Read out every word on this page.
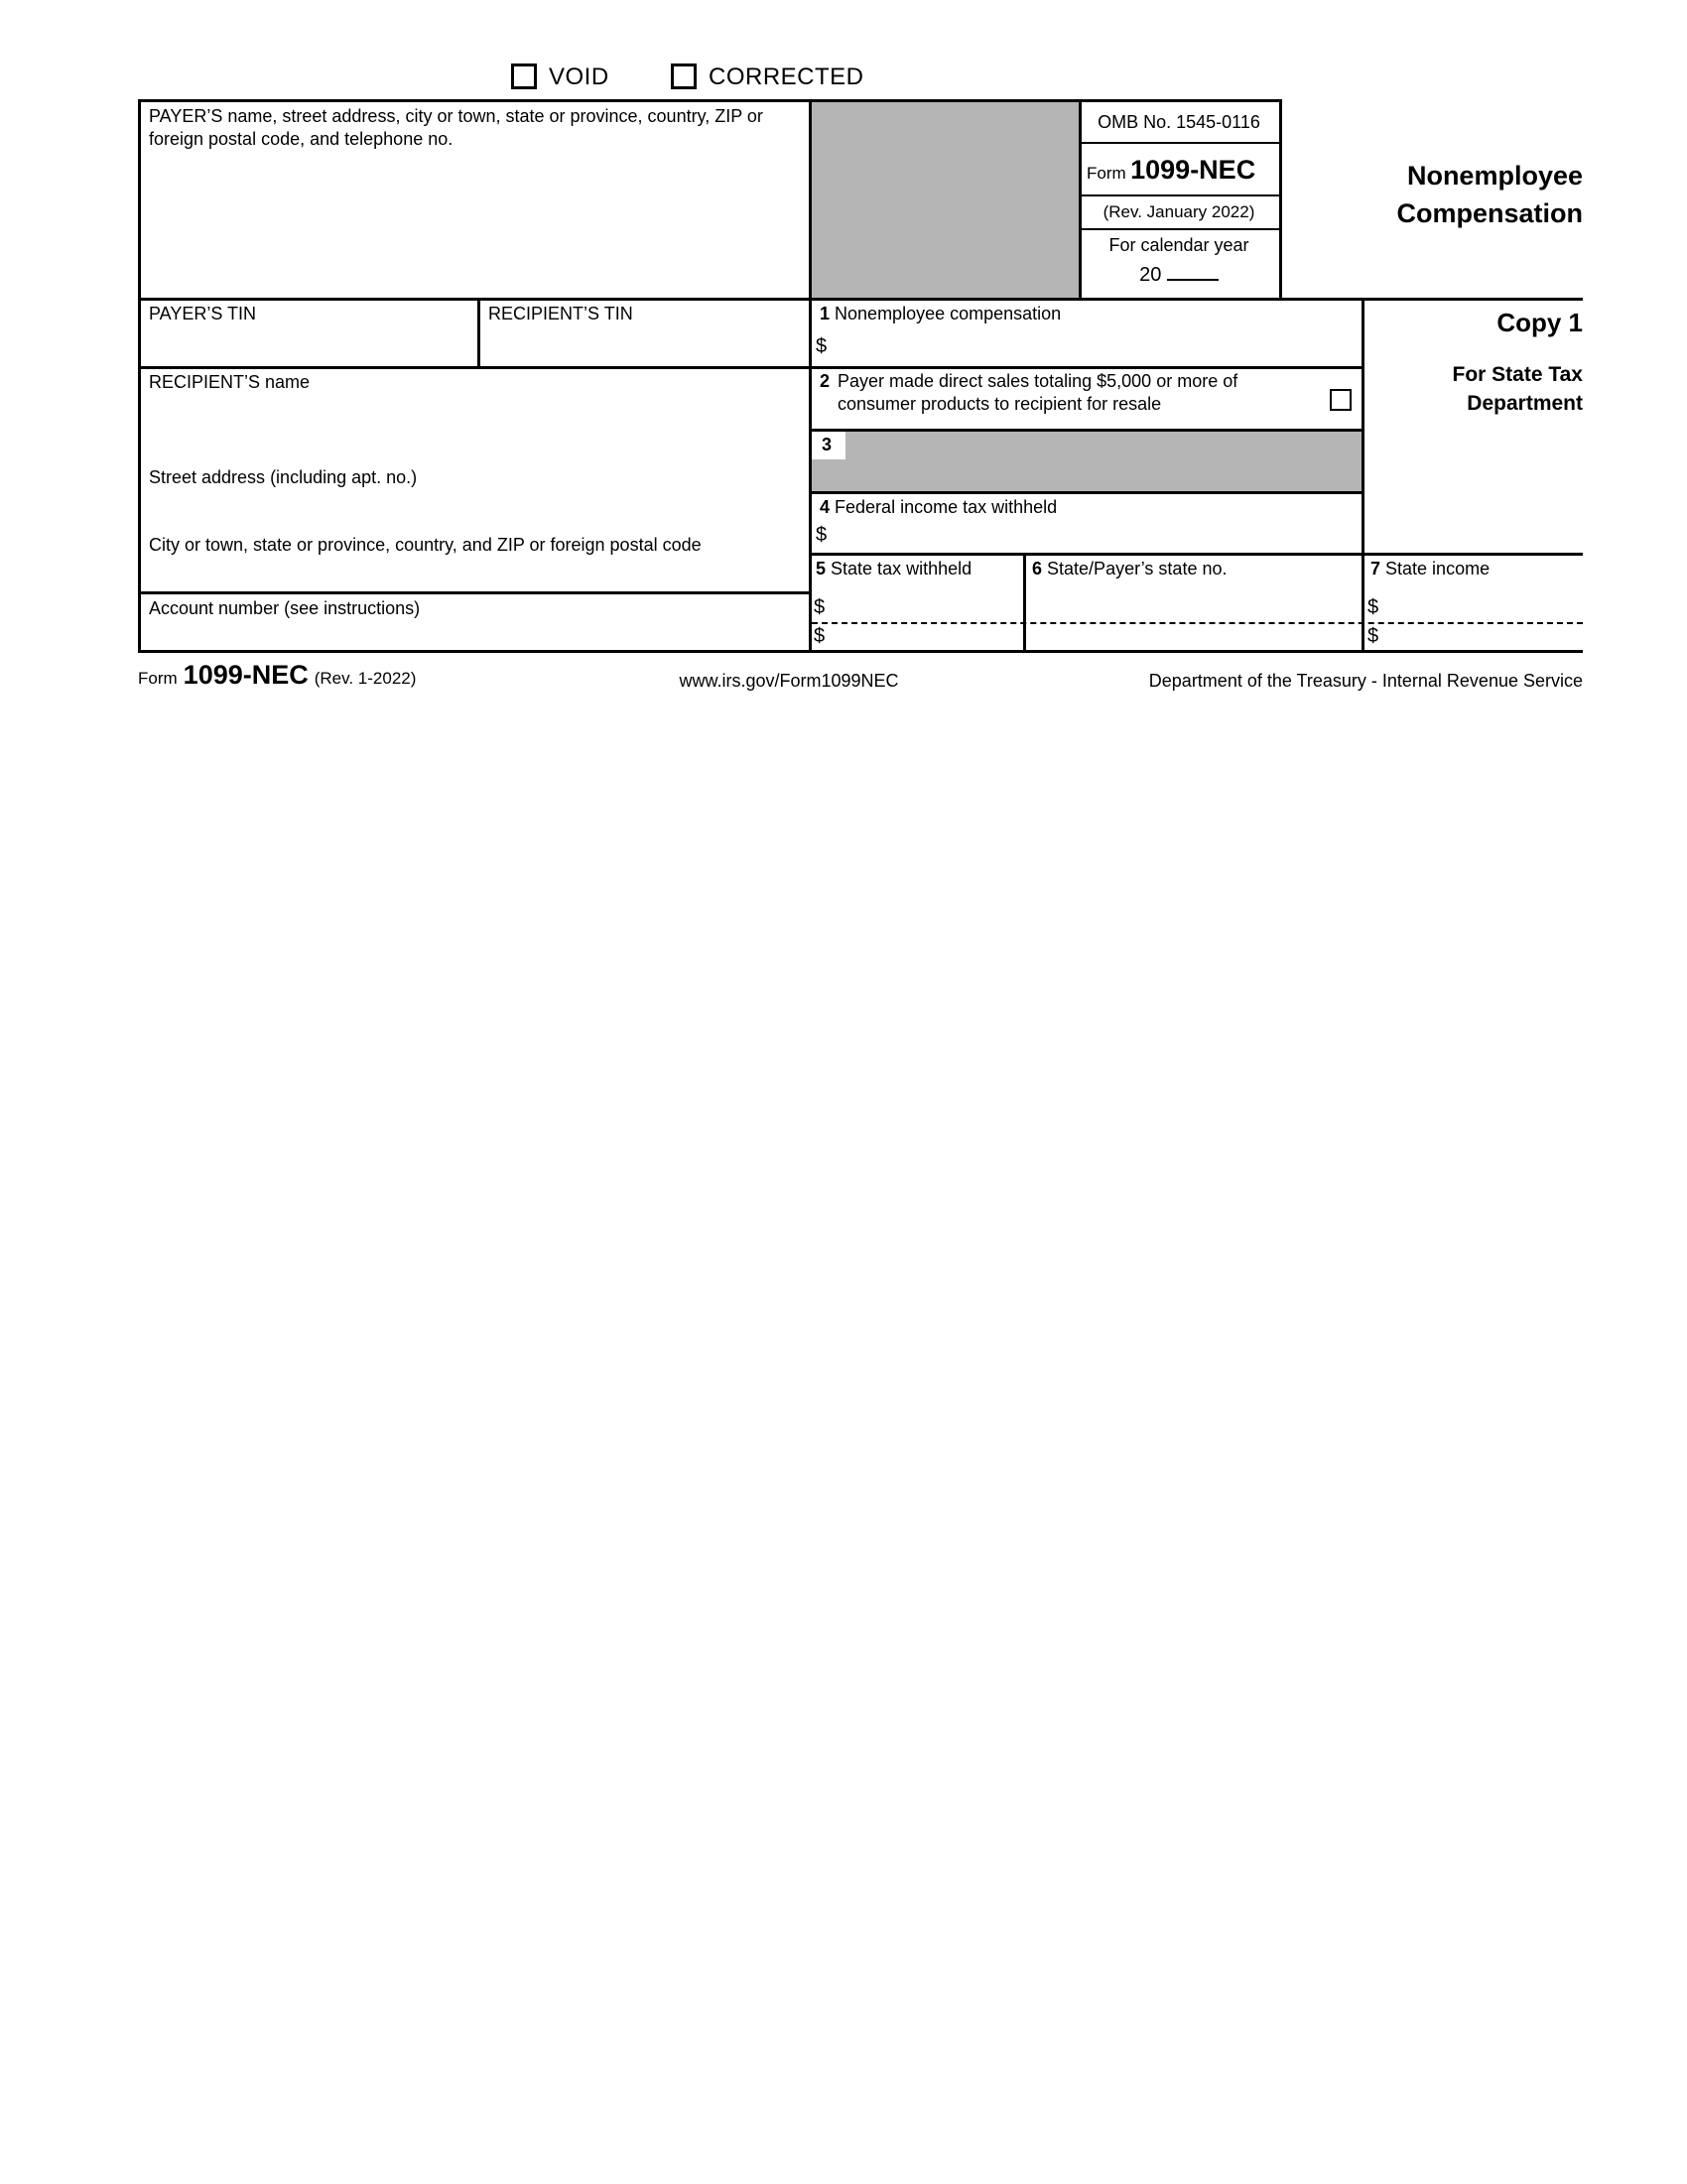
VOID	CORRECTED
PAYER’S name, street address, city or town, state or province, country, ZIP or foreign postal code, and telephone no.
OMB No. 1545-0116
Form 1099-NEC
(Rev. January 2022)
For calendar year
20
Nonemployee
Compensation
PAYER’S TIN	RECIPIENT’S TIN	1 Nonemployee compensation
$
Copy 1
For State Tax
Department
RECIPIENT’S name	2 Payer made direct sales totaling $5,000 or more of consumer products to recipient for resale
3
Street address (including apt. no.)
4 Federal income tax withheld
$
City or town, state or province, country, and ZIP or foreign postal code
5 State tax withheld
$
$
6 State/Payer’s state no.	7 State income
$
$
Account number (see instructions)
Form 1099-NEC (Rev. 1-2022)	www.irs.gov/Form1099NEC	Department of the Treasury - Internal Revenue Service
